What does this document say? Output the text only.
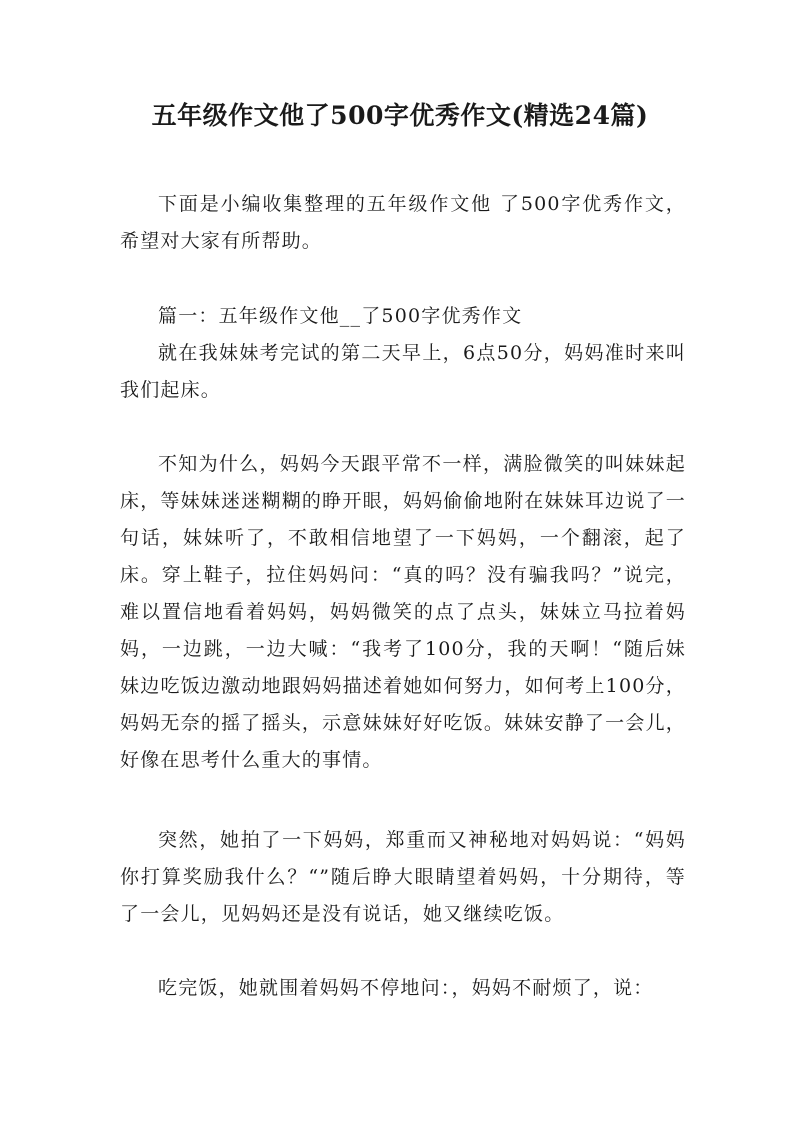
五年级作文他了500字优秀作文(精选24篇)

下面是小编收集整理的五年级作文他 了500字优秀作文，希望对大家有所帮助。

篇一：五年级作文他__了500字优秀作文

就在我妹妹考完试的第二天早上，6点50分，妈妈准时来叫我们起床。

不知为什么，妈妈今天跟平常不一样，满脸微笑的叫妹妹起床，等妹妹迷迷糊糊的睁开眼，妈妈偷偷地附在妹妹耳边说了一句话，妹妹听了，不敢相信地望了一下妈妈，一个翻滚，起了床。穿上鞋子，拉住妈妈问：“真的吗？没有骗我吗？”说完，难以置信地看着妈妈，妈妈微笑的点了点头，妹妹立马拉着妈妈，一边跳，一边大喊：“我考了100分，我的天啊！“随后妹妹边吃饭边激动地跟妈妈描述着她如何努力，如何考上100分，妈妈无奈的摇了摇头，示意妹妹好好吃饭。妹妹安静了一会儿，好像在思考什么重大的事情。

突然，她拍了一下妈妈，郑重而又神秘地对妈妈说：“妈妈你打算奖励我什么？“”随后睁大眼睛望着妈妈，十分期待，等了一会儿，见妈妈还是没有说话，她又继续吃饭。

吃完饭，她就围着妈妈不停地问：，妈妈不耐烦了，说：
